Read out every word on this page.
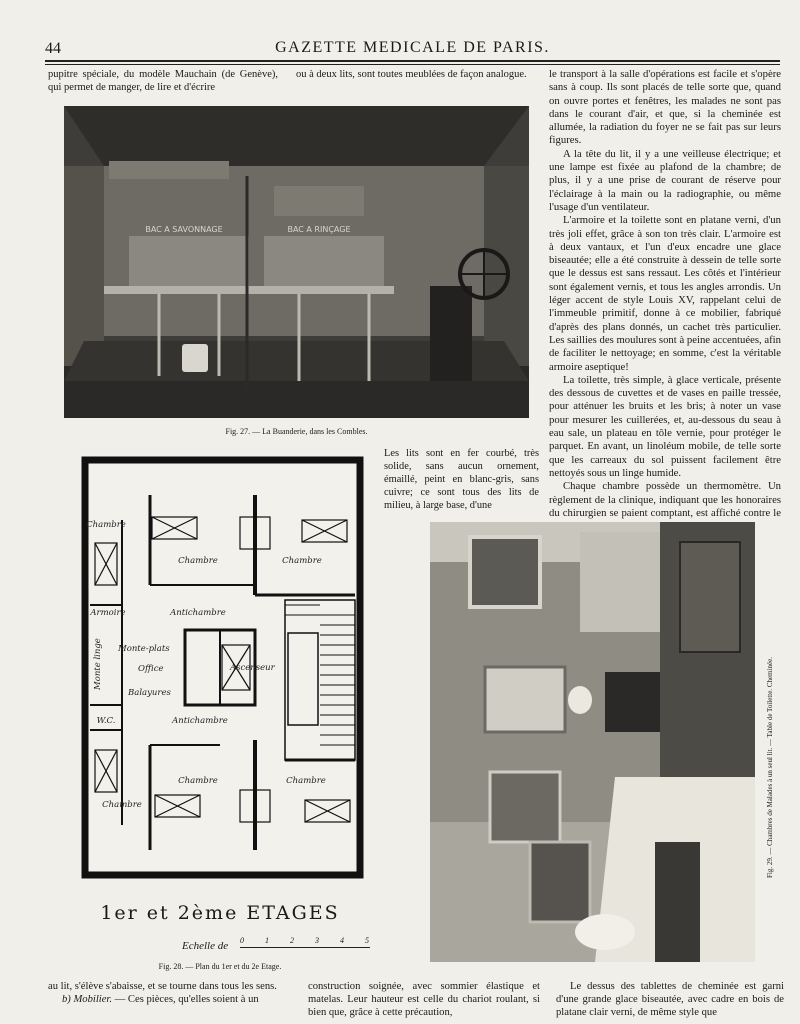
44	GAZETTE MEDICALE DE PARIS.

pupitre spéciale, du modèle Mauchain (de Genève), qui permet de manger, de lire et d'écrire

ou à deux lits, sont toutes meublées de façon analogue.	le transport à la salle d'opérations est facile et s'opère sans à coup. Ils sont placés de telle sorte que, quand on ouvre portes et fenêtres, les malades ne sont pas dans le courant d'air, et que, si la cheminée est allumée, la radiation du foyer ne se fait pas sur leurs figures.

A la tête du lit, il y a une veilleuse électrique; et une lampe est fixée au plafond de la chambre; de plus, il y a une prise de courant de réserve pour l'éclairage à la main ou la radiographie, ou même l'usage d'un ventilateur.

L'armoire et la toilette sont en platane verni, d'un très joli effet, grâce à son ton très clair. L'armoire est à deux vantaux, et l'un d'eux encadre une glace biseautée; elle a été construite à dessein de telle sorte que le dessus est sans ressaut. Les côtés et l'intérieur sont également vernis, et tous les angles arrondis. Un léger accent de style Louis XV, rappelant celui de l'immeuble primitif, donne à ce mobilier, fabriqué d'après des plans donnés, un cachet très particulier. Les saillies des moulures sont à peine accentuées, afin de faciliter le nettoyage; en somme, c'est la véritable armoire aseptique!

La toilette, très simple, à glace verticale, présente des dessous de cuvettes et de vases en paille tressée, pour atténuer les bruits et les bris; à noter un vase pour mesurer les cuillerées, et, au-dessous du seau à eau sale, un plateau en tôle vernie, pour protéger le parquet. En avant, un linoléum mobile, de telle sorte que les carreaux du sol puissent facilement être nettoyés sous un linge humide.

Chaque chambre possède un thermomètre. Un règlement de la clinique, indiquant que les honoraires du chirurgien se paient comptant, est affiché contre le

BAC A SAVONNAGE	BAC A RINÇAGE
Fig. 27. — La Buanderie, dans les Combles.

Les lits sont en fer courbé, très solide, sans aucun ornement, émaillé, peint en blanc-gris, sans cuivre; ce sont tous des lits de milieu, à large base, d'une

Chambre
Chambre	Chambre
Armoire	Antichambre
Monte-plats
Office
Balayures
Ascenseur
Monte linge
W.C.	Antichambre
Chambre	Chambre
Chambre
1er et 2ème ETAGES
Echelle de 0	1	2	3	4	5
Fig. 28. — Plan du 1er et du 2e Etage.
Fig. 29. — Chambres de Malades à un seul lit. — Table de Toilette. Cheminée.

au lit, s'élève s'abaisse, et se tourne dans tous les sens.

b) Mobilier. — Ces pièces, qu'elles soient à un

construction soignée, avec sommier élastique et matelas. Leur hauteur est celle du chariot roulant, si bien que, grâce à cette précaution,

Le dessus des tablettes de cheminée est garni d'une grande glace biseautée, avec cadre en bois de platane clair verni, de même style que
